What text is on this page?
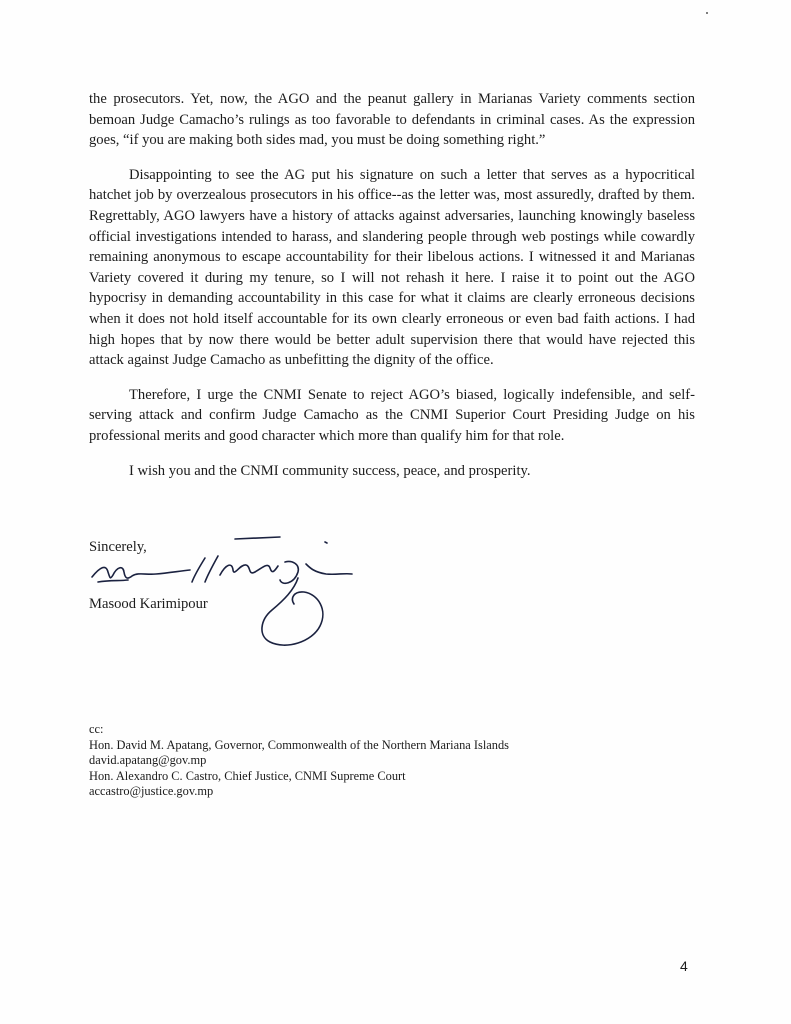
the prosecutors. Yet, now, the AGO and the peanut gallery in Marianas Variety comments section bemoan Judge Camacho’s rulings as too favorable to defendants in criminal cases. As the expression goes, “if you are making both sides mad, you must be doing something right.”

Disappointing to see the AG put his signature on such a letter that serves as a hypocritical hatchet job by overzealous prosecutors in his office--as the letter was, most assuredly, drafted by them. Regrettably, AGO lawyers have a history of attacks against adversaries, launching knowingly baseless official investigations intended to harass, and slandering people through web postings while cowardly remaining anonymous to escape accountability for their libelous actions. I witnessed it and Marianas Variety covered it during my tenure, so I will not rehash it here. I raise it to point out the AGO hypocrisy in demanding accountability in this case for what it claims are clearly erroneous decisions when it does not hold itself accountable for its own clearly erroneous or even bad faith actions. I had high hopes that by now there would be better adult supervision there that would have rejected this attack against Judge Camacho as unbefitting the dignity of the office.

Therefore, I urge the CNMI Senate to reject AGO’s biased, logically indefensible, and self-serving attack and confirm Judge Camacho as the CNMI Superior Court Presiding Judge on his professional merits and good character which more than qualify him for that role.

I wish you and the CNMI community success, peace, and prosperity.

Sincerely,
Masood Karimipour
cc:
Hon. David M. Apatang, Governor, Commonwealth of the Northern Mariana Islands
david.apatang@gov.mp
Hon. Alexandro C. Castro, Chief Justice, CNMI Supreme Court
accastro@justice.gov.mp
4
